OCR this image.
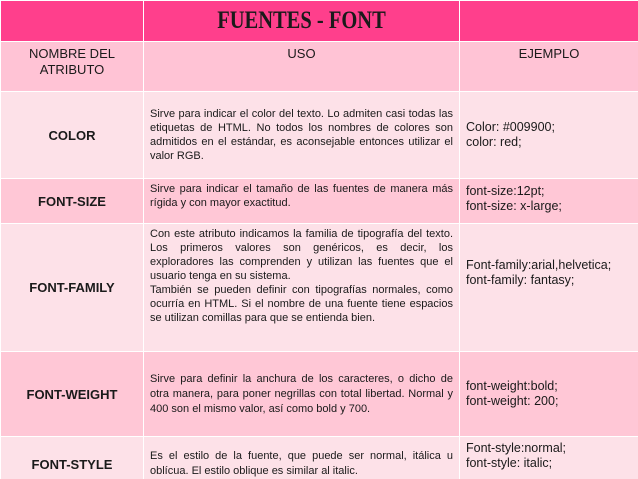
	FUENTES - FONT	

NOMBRE DEL ATRIBUTO	USO	EJEMPLO

COLOR	Sirve para indicar el color del texto. Lo admiten casi todas las etiquetas de HTML. No todos los nombres de colores son admitidos en el estándar, es aconsejable entonces utilizar el valor RGB.	Color: #009900;
color: red;

FONT-SIZE	Sirve para indicar el tamaño de las fuentes de manera más rígida y con mayor exactitud.	font-size:12pt;
font-size: x-large;

FONT-FAMILY	Con este atributo indicamos la familia de tipografía del texto. Los primeros valores son genéricos, es decir, los exploradores las comprenden y utilizan las fuentes que el usuario tenga en su sistema.
También se pueden definir con tipografías normales, como ocurría en HTML. Si el nombre de una fuente tiene espacios se utilizan comillas para que se entienda bien.	Font-family:arial,helvetica;
font-family: fantasy;

FONT-WEIGHT	Sirve para definir la anchura de los caracteres, o dicho de otra manera, para poner negrillas con total libertad. Normal y 400 son el mismo valor, así como bold y 700.	font-weight:bold;
font-weight: 200;

FONT-STYLE	Es el estilo de la fuente, que puede ser normal, itálica u oblícua. El estilo oblique es similar al italic.	Font-style:normal;
font-style: italic;
